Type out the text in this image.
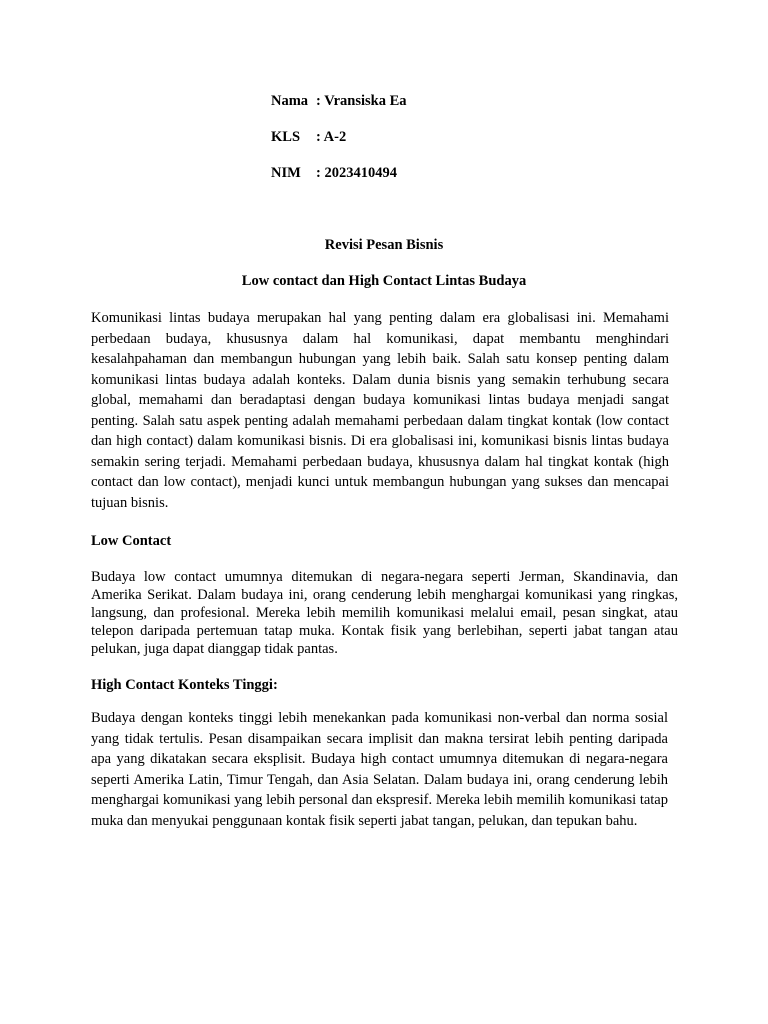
Nama : Vransiska Ea
KLS	: A-2
NIM	: 2023410494

Revisi Pesan Bisnis

Low contact dan High Contact Lintas Budaya

Komunikasi lintas budaya merupakan hal yang penting dalam era globalisasi ini. Memahami perbedaan budaya, khususnya dalam hal komunikasi, dapat membantu menghindari kesalahpahaman dan membangun hubungan yang lebih baik. Salah satu konsep penting dalam komunikasi lintas budaya adalah konteks. Dalam dunia bisnis yang semakin terhubung secara global, memahami dan beradaptasi dengan budaya komunikasi lintas budaya menjadi sangat penting. Salah satu aspek penting adalah memahami perbedaan dalam tingkat kontak (low contact dan high contact) dalam komunikasi bisnis. Di era globalisasi ini, komunikasi bisnis lintas budaya semakin sering terjadi. Memahami perbedaan budaya, khususnya dalam hal tingkat kontak (high contact dan low contact), menjadi kunci untuk membangun hubungan yang sukses dan mencapai tujuan bisnis.

Low Contact

Budaya low contact umumnya ditemukan di negara-negara seperti Jerman, Skandinavia, dan Amerika Serikat. Dalam budaya ini, orang cenderung lebih menghargai komunikasi yang ringkas, langsung, dan profesional. Mereka lebih memilih komunikasi melalui email, pesan singkat, atau telepon daripada pertemuan tatap muka. Kontak fisik yang berlebihan, seperti jabat tangan atau pelukan, juga dapat dianggap tidak pantas.

High Contact Konteks Tinggi:

Budaya dengan konteks tinggi lebih menekankan pada komunikasi non-verbal dan norma sosial yang tidak tertulis. Pesan disampaikan secara implisit dan makna tersirat lebih penting daripada apa yang dikatakan secara eksplisit. Budaya high contact umumnya ditemukan di negara-negara seperti Amerika Latin, Timur Tengah, dan Asia Selatan. Dalam budaya ini, orang cenderung lebih menghargai komunikasi yang lebih personal dan ekspresif. Mereka lebih memilih komunikasi tatap muka dan menyukai penggunaan kontak fisik seperti jabat tangan, pelukan, dan tepukan bahu.
